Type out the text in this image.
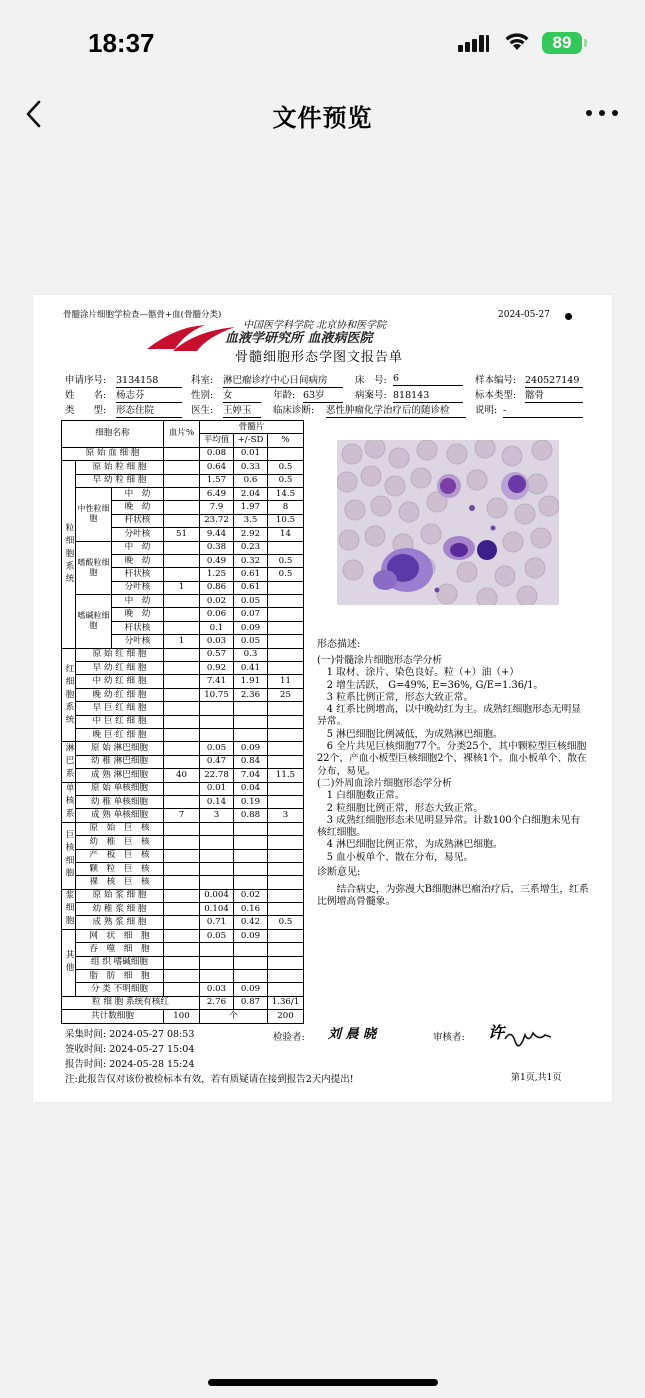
18:37	89
文件预览
骨髓涂片细胞学检查—髂骨+血(骨髓分类)	2024-05-27
中国医学科学院 北京协和医学院
血液学研究所 血液病医院
骨髓细胞形态学图文报告单
申请序号: 3134158	科室: 淋巴瘤诊疗中心日间病房	床　号: 6	样本编号: 240527149
姓　　名: 杨志芬	性别: 女	年龄: 63岁	病案号: 818143	标本类型: 髂骨
类　　型: 形态住院	医生: 王婷玉	临床诊断: 恶性肿瘤化学治疗后的随诊检	说明: -
细胞名称			血片%	骨髓片		
				平均值	+/-SD	%
原 始 血 细 胞				0.08	0.01	
粒细胞系统	原 始 粒 细 胞			0.64	0.33	0.5
	早 幼 粒 细 胞			1.57	0.6	0.5
	中性粒细胞	中　幼		6.49	2.04	14.5
		晚　幼		7.9	1.97	8
		杆状核		23.72	3.5	10.5
		分叶核	51	9.44	2.92	14
	嗜酸粒细胞	中　幼		0.38	0.23	
		晚　幼		0.49	0.32	0.5
		杆状核		1.25	0.61	0.5
		分叶核	1	0.86	0.61	
	嗜碱粒细胞	中　幼		0.02	0.05	
		晚　幼		0.06	0.07	
		杆状核		0.1	0.09	
		分叶核	1	0.03	0.05	
红细胞系统	原 始 红 细 胞			0.57	0.3	
	早 幼 红 细 胞			0.92	0.41	
	中 幼 红 细 胞			7.41	1.91	11
	晚 幼 红 细 胞			10.75	2.36	25
	早 巨 红 细 胞					
	中 巨 红 细 胞					
	晚 巨 红 细 胞					
淋巴系	原 始 淋巴细胞			0.05	0.09	
	幼 稚 淋巴细胞			0.47	0.84	
	成 熟 淋巴细胞		40	22.78	7.04	11.5
单核系	原 始 单核细胞			0.01	0.04	
	幼 稚 单核细胞			0.14	0.19	
	成 熟 单核细胞		7	3	0.88	3
巨核细胞	原　始　巨　核					
	幼　稚　巨　核					
	产　板　巨　核					
	颗　粒　巨　核					
	裸　核　巨　核					
浆细胞	原 始 浆 细 胞			0.004	0.02	
	幼 稚 浆 细 胞			0.104	0.16	
	成 熟 浆 细 胞			0.71	0.42	0.5
其他	网　状　细　胞			0.05	0.09	
	吞　噬　细　胞					
	组 织 嗜碱细胞					
	脂　肪　细　胞					
	分 类 不明细胞			0.03	0.09	
粒 细 胞 系统有核红				2.76	0.87	1.36/1
共计数细胞			100	个		200
形态描述:
(一)骨髓涂片细胞形态学分析
　1 取材、涂片、染色良好。粒（+）油（+）
　2 增生活跃， G=49%, E=36%, G/E=1.36/1。
　3 粒系比例正常，形态大致正常。
　4 红系比例增高，以中晚幼红为主。成熟红细胞形态无明显异常。
　5 淋巴细胞比例减低，为成熟淋巴细胞。
　6 全片共见巨核细胞77个。分类25个，其中颗粒型巨核细胞22个、产血小板型巨核细胞2个、裸核1个。血小板单个、散在分布，易见。
(二)外周血涂片细胞形态学分析
　1 白细胞数正常。
　2 粒细胞比例正常，形态大致正常。
　3 成熟红细胞形态未见明显异常。计数100个白细胞未见有核红细胞。
　4 淋巴细胞比例正常，为成熟淋巴细胞。
　5 血小板单个、散在分布，易见。
诊断意见:
　　结合病史，为弥漫大B细胞淋巴瘤治疗后，三系增生，红系比例增高骨髓象。
采集时间: 2024-05-27 08:53
签收时间: 2024-05-27 15:04
报告时间: 2024-05-28 15:24
检验者: 刘 晨 晓	审核者: 许
注:此报告仅对该份被检标本有效，若有质疑请在接到报告2天内提出!	第1页,共1页
